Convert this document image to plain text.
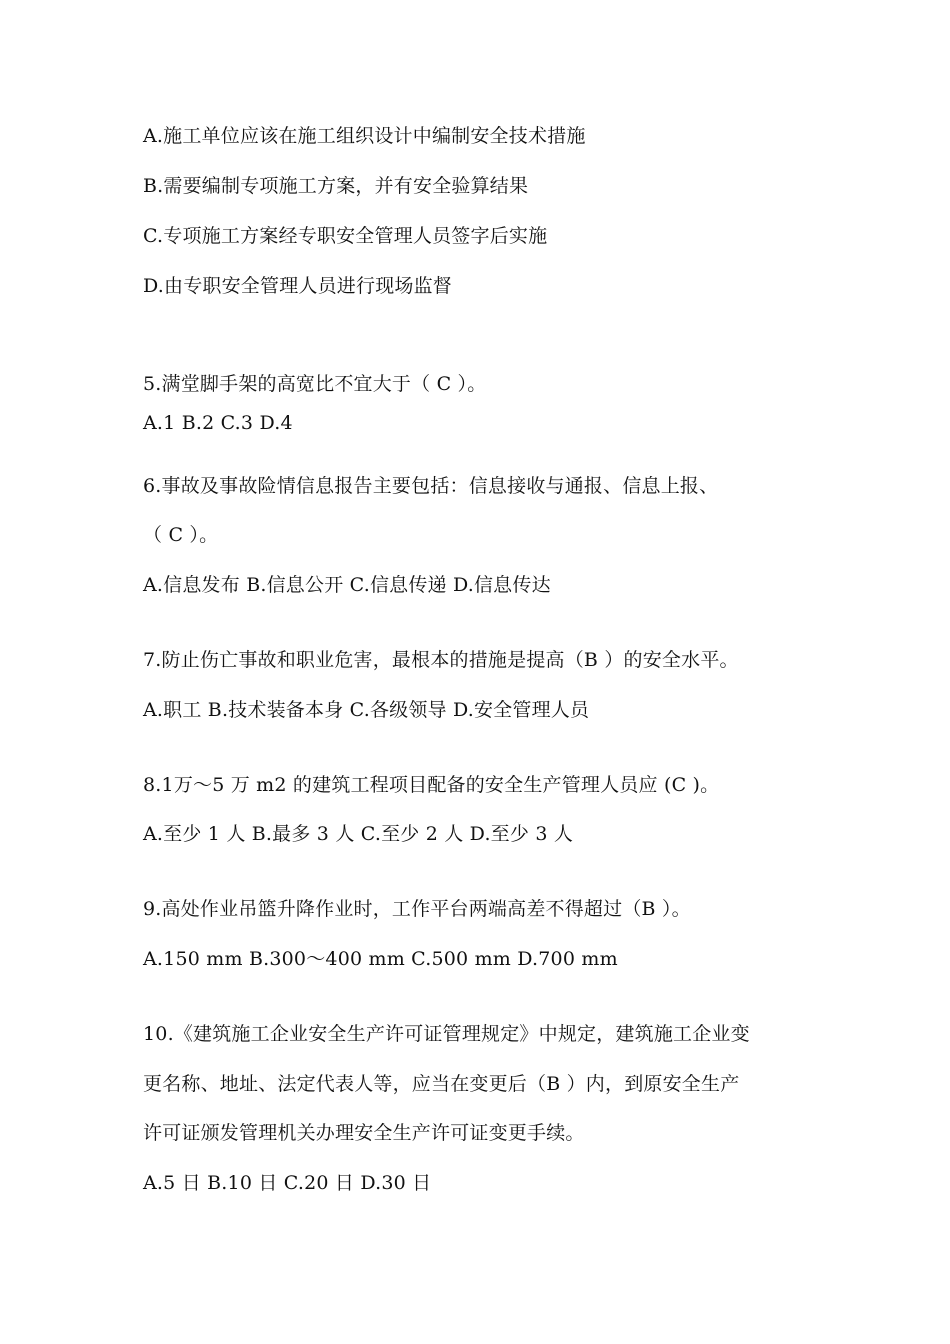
A.施工单位应该在施工组织设计中编制安全技术措施
B.需要编制专项施工方案，并有安全验算结果
C.专项施工方案经专职安全管理人员签字后实施
D.由专职安全管理人员进行现场监督
5.满堂脚手架的高宽比不宜大于（ C ）。
A.1 B.2 C.3 D.4
6.事故及事故险情信息报告主要包括：信息接收与通报、信息上报、
（ C ）。
A.信息发布 B.信息公开 C.信息传递 D.信息传达
7.防止伤亡事故和职业危害，最根本的措施是提高（B ）的安全水平。
A.职工 B.技术装备本身 C.各级领导 D.安全管理人员
8.1万～5 万 m2 的建筑工程项目配备的安全生产管理人员应 (C )。
A.至少 1 人 B.最多 3 人 C.至少 2 人 D.至少 3 人
9.高处作业吊篮升降作业时，工作平台两端高差不得超过（B ）。
A.150 mm B.300～400 mm C.500 mm D.700 mm
10.《建筑施工企业安全生产许可证管理规定》中规定，建筑施工企业变
更名称、地址、法定代表人等，应当在变更后（B ）内，到原安全生产
许可证颁发管理机关办理安全生产许可证变更手续。
A.5 日 B.10 日 C.20 日 D.30 日
